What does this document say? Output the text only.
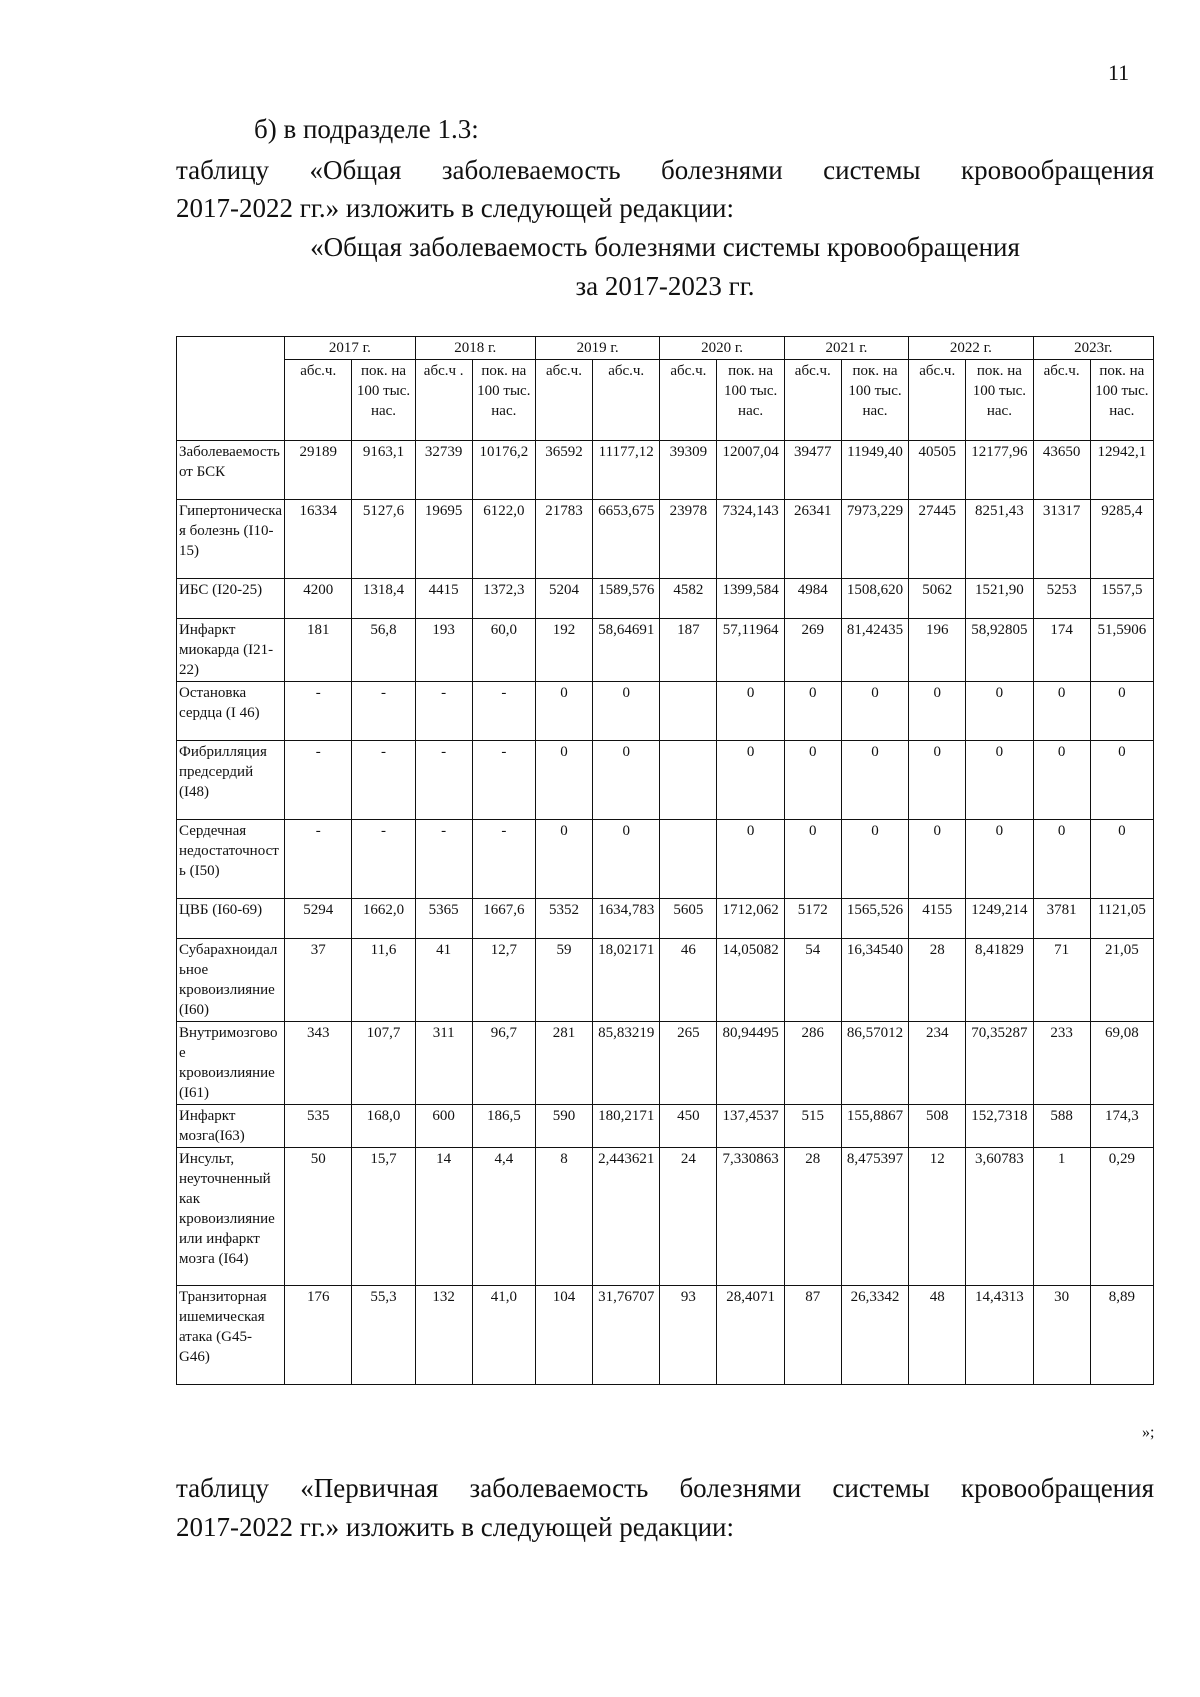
11
б) в подразделе 1.3:
таблицу «Общая заболеваемость болезнями системы кровообращения
2017-2022 гг.» изложить в следующей редакции:
«Общая заболеваемость болезнями системы кровообращения
за 2017-2023 гг.
	2017 г.		2018 г.		2019 г.		2020 г.		2021 г.		2022 г.		2023г.	
	абс.ч.	пок. на 100 тыс. нас.	абс.ч .	пок. на 100 тыс. нас.	абс.ч.	абс.ч.	абс.ч.	пок. на 100 тыс. нас.	абс.ч.	пок. на 100 тыс. нас.	абс.ч.	пок. на 100 тыс. нас.	абс.ч.	пок. на 100 тыс. нас.
Заболеваемость от БСК	29189	9163,1	32739	10176,2	36592	11177,12	39309	12007,04	39477	11949,40	40505	12177,96	43650	12942,1
Гипертоническая болезнь (I10-15)	16334	5127,6	19695	6122,0	21783	6653,675	23978	7324,143	26341	7973,229	27445	8251,43	31317	9285,4
ИБС (I20-25)	4200	1318,4	4415	1372,3	5204	1589,576	4582	1399,584	4984	1508,620	5062	1521,90	5253	1557,5
Инфаркт миокарда (I21-22)	181	56,8	193	60,0	192	58,64691	187	57,11964	269	81,42435	196	58,92805	174	51,5906
Остановка сердца (I 46)	-	-	-	-	0	0		0	0	0	0	0	0	0
Фибрилляция предсердий (I48)	-	-	-	-	0	0		0	0	0	0	0	0	0
Сердечная недостаточность (I50)	-	-	-	-	0	0		0	0	0	0	0	0	0
ЦВБ (I60-69)	5294	1662,0	5365	1667,6	5352	1634,783	5605	1712,062	5172	1565,526	4155	1249,214	3781	1121,05
Субарахноидальное кровоизлияние (I60)	37	11,6	41	12,7	59	18,02171	46	14,05082	54	16,34540	28	8,41829	71	21,05
Внутримозговое кровоизлияние (I61)	343	107,7	311	96,7	281	85,83219	265	80,94495	286	86,57012	234	70,35287	233	69,08
Инфаркт мозга(I63)	535	168,0	600	186,5	590	180,2171	450	137,4537	515	155,8867	508	152,7318	588	174,3
Инсульт, неуточненный как кровоизлияние или инфаркт мозга (I64)	50	15,7	14	4,4	8	2,443621	24	7,330863	28	8,475397	12	3,60783	1	0,29
Транзиторная ишемическая атака (G45-G46)	176	55,3	132	41,0	104	31,76707	93	28,4071	87	26,3342	48	14,4313	30	8,89
»;
таблицу «Первичная заболеваемость болезнями системы кровообращения
2017-2022 гг.» изложить в следующей редакции:
